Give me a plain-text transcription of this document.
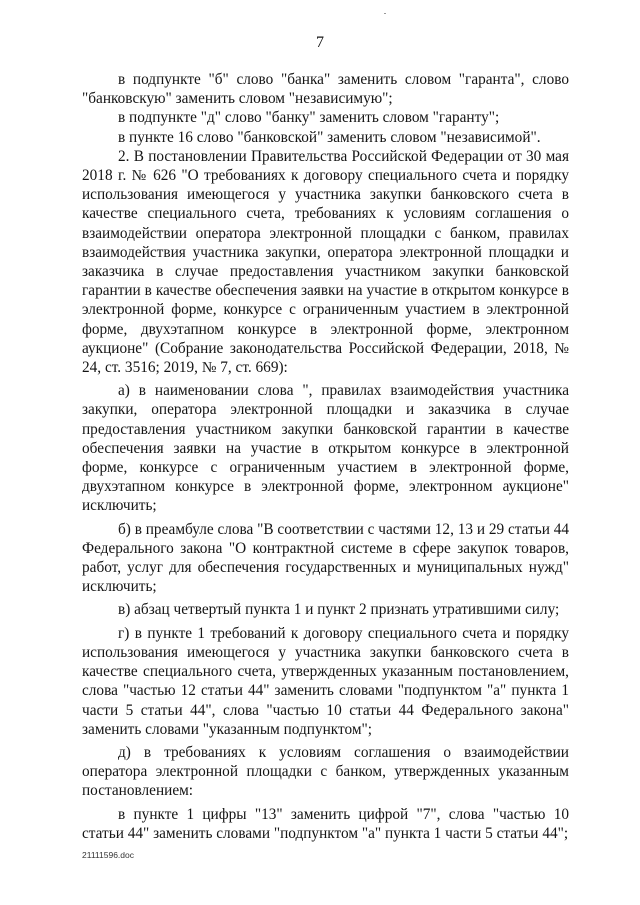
7

в подпункте "б" слово "банка" заменить словом "гаранта", слово "банковскую" заменить словом "независимую";

в подпункте "д" слово "банку" заменить словом "гаранту";

в пункте 16 слово "банковской" заменить словом "независимой".

2. В постановлении Правительства Российской Федерации от 30 мая 2018 г. № 626 "О требованиях к договору специального счета и порядку использования имеющегося у участника закупки банковского счета в качестве специального счета, требованиях к условиям соглашения о взаимодействии оператора электронной площадки с банком, правилах взаимодействия участника закупки, оператора электронной площадки и заказчика в случае предоставления участником закупки банковской гарантии в качестве обеспечения заявки на участие в открытом конкурсе в электронной форме, конкурсе с ограниченным участием в электронной форме, двухэтапном конкурсе в электронной форме, электронном аукционе" (Собрание законодательства Российской Федерации, 2018, № 24, ст. 3516; 2019, № 7, ст. 669):

а) в наименовании слова ", правилах взаимодействия участника закупки, оператора электронной площадки и заказчика в случае предоставления участником закупки банковской гарантии в качестве обеспечения заявки на участие в открытом конкурсе в электронной форме, конкурсе с ограниченным участием в электронной форме, двухэтапном конкурсе в электронной форме, электронном аукционе" исключить;

б) в преамбуле слова "В соответствии с частями 12, 13 и 29 статьи 44 Федерального закона "О контрактной системе в сфере закупок товаров, работ, услуг для обеспечения государственных и муниципальных нужд" исключить;

в) абзац четвертый пункта 1 и пункт 2 признать утратившими силу;

г) в пункте 1 требований к договору специального счета и порядку использования имеющегося у участника закупки банковского счета в качестве специального счета, утвержденных указанным постановлением, слова "частью 12 статьи 44" заменить словами "подпунктом "а" пункта 1 части 5 статьи 44", слова "частью 10 статьи 44 Федерального закона" заменить словами "указанным подпунктом";

д) в требованиях к условиям соглашения о взаимодействии оператора электронной площадки с банком, утвержденных указанным постановлением:

в пункте 1 цифры "13" заменить цифрой "7", слова "частью 10 статьи 44" заменить словами "подпунктом "а" пункта 1 части 5 статьи 44";

21111596.doc
